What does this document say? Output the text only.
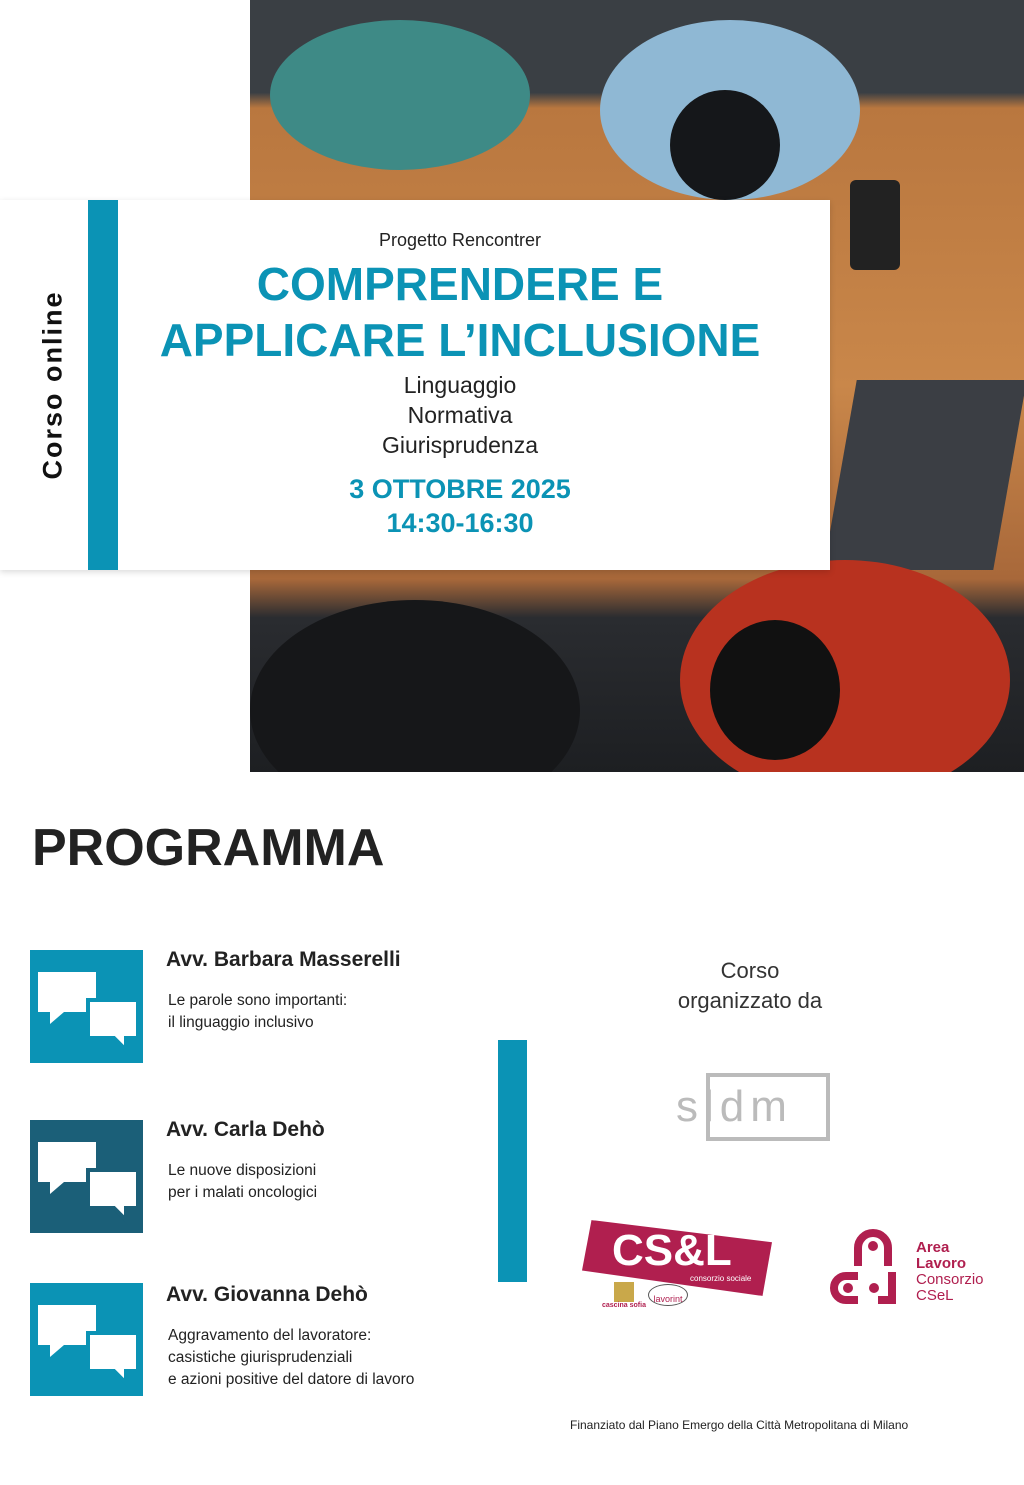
Corso online
Progetto Rencontrer
COMPRENDERE E
APPLICARE L’INCLUSIONE
Linguaggio
Normativa
Giurisprudenza
3 OTTOBRE 2025
14:30-16:30
PROGRAMMA
Avv. Barbara Masserelli
Le parole sono importanti:
il linguaggio inclusivo
Avv. Carla Dehò
Le nuove disposizioni
per i malati oncologici
Avv. Giovanna Dehò
Aggravamento del lavoratore:
casistiche giurisprudenziali
e azioni positive del datore di lavoro
Corso
organizzato da
sldm
CS&L
consorzio sociale
cascina sofia
lavorint
Area
Lavoro
Consorzio
CSeL
Finanziato dal Piano Emergo della Città Metropolitana di Milano
